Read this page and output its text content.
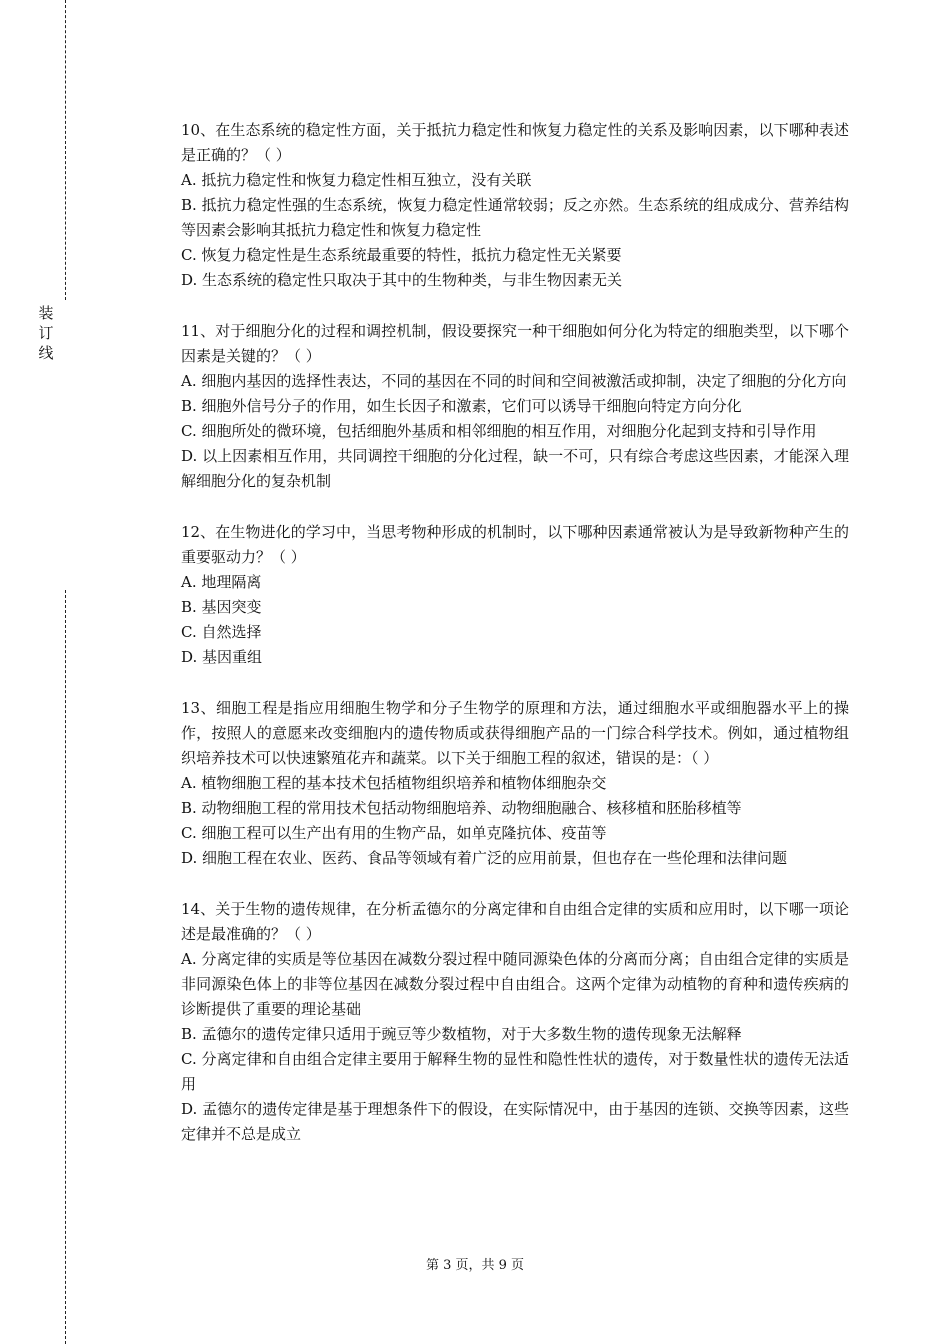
装
订
线

10、在生态系统的稳定性方面，关于抵抗力稳定性和恢复力稳定性的关系及影响因素，以下哪种表述是正确的？（ ）

A. 抵抗力稳定性和恢复力稳定性相互独立，没有关联

B. 抵抗力稳定性强的生态系统，恢复力稳定性通常较弱；反之亦然。生态系统的组成成分、营养结构等因素会影响其抵抗力稳定性和恢复力稳定性

C. 恢复力稳定性是生态系统最重要的特性，抵抗力稳定性无关紧要

D. 生态系统的稳定性只取决于其中的生物种类，与非生物因素无关

11、对于细胞分化的过程和调控机制，假设要探究一种干细胞如何分化为特定的细胞类型，以下哪个因素是关键的？（ ）

A. 细胞内基因的选择性表达，不同的基因在不同的时间和空间被激活或抑制，决定了细胞的分化方向

B. 细胞外信号分子的作用，如生长因子和激素，它们可以诱导干细胞向特定方向分化

C. 细胞所处的微环境，包括细胞外基质和相邻细胞的相互作用，对细胞分化起到支持和引导作用

D. 以上因素相互作用，共同调控干细胞的分化过程，缺一不可，只有综合考虑这些因素，才能深入理解细胞分化的复杂机制

12、在生物进化的学习中，当思考物种形成的机制时，以下哪种因素通常被认为是导致新物种产生的重要驱动力？（ ）

A. 地理隔离

B. 基因突变

C. 自然选择

D. 基因重组

13、细胞工程是指应用细胞生物学和分子生物学的原理和方法，通过细胞水平或细胞器水平上的操作，按照人的意愿来改变细胞内的遗传物质或获得细胞产品的一门综合科学技术。例如，通过植物组织培养技术可以快速繁殖花卉和蔬菜。以下关于细胞工程的叙述，错误的是：（ ）

A. 植物细胞工程的基本技术包括植物组织培养和植物体细胞杂交

B. 动物细胞工程的常用技术包括动物细胞培养、动物细胞融合、核移植和胚胎移植等

C. 细胞工程可以生产出有用的生物产品，如单克隆抗体、疫苗等

D. 细胞工程在农业、医药、食品等领域有着广泛的应用前景，但也存在一些伦理和法律问题

14、关于生物的遗传规律，在分析孟德尔的分离定律和自由组合定律的实质和应用时，以下哪一项论述是最准确的？（ ）

A. 分离定律的实质是等位基因在减数分裂过程中随同源染色体的分离而分离；自由组合定律的实质是非同源染色体上的非等位基因在减数分裂过程中自由组合。这两个定律为动植物的育种和遗传疾病的诊断提供了重要的理论基础

B. 孟德尔的遗传定律只适用于豌豆等少数植物，对于大多数生物的遗传现象无法解释

C. 分离定律和自由组合定律主要用于解释生物的显性和隐性性状的遗传，对于数量性状的遗传无法适用

D. 孟德尔的遗传定律是基于理想条件下的假设，在实际情况中，由于基因的连锁、交换等因素，这些定律并不总是成立

第 3 页，共 9 页
